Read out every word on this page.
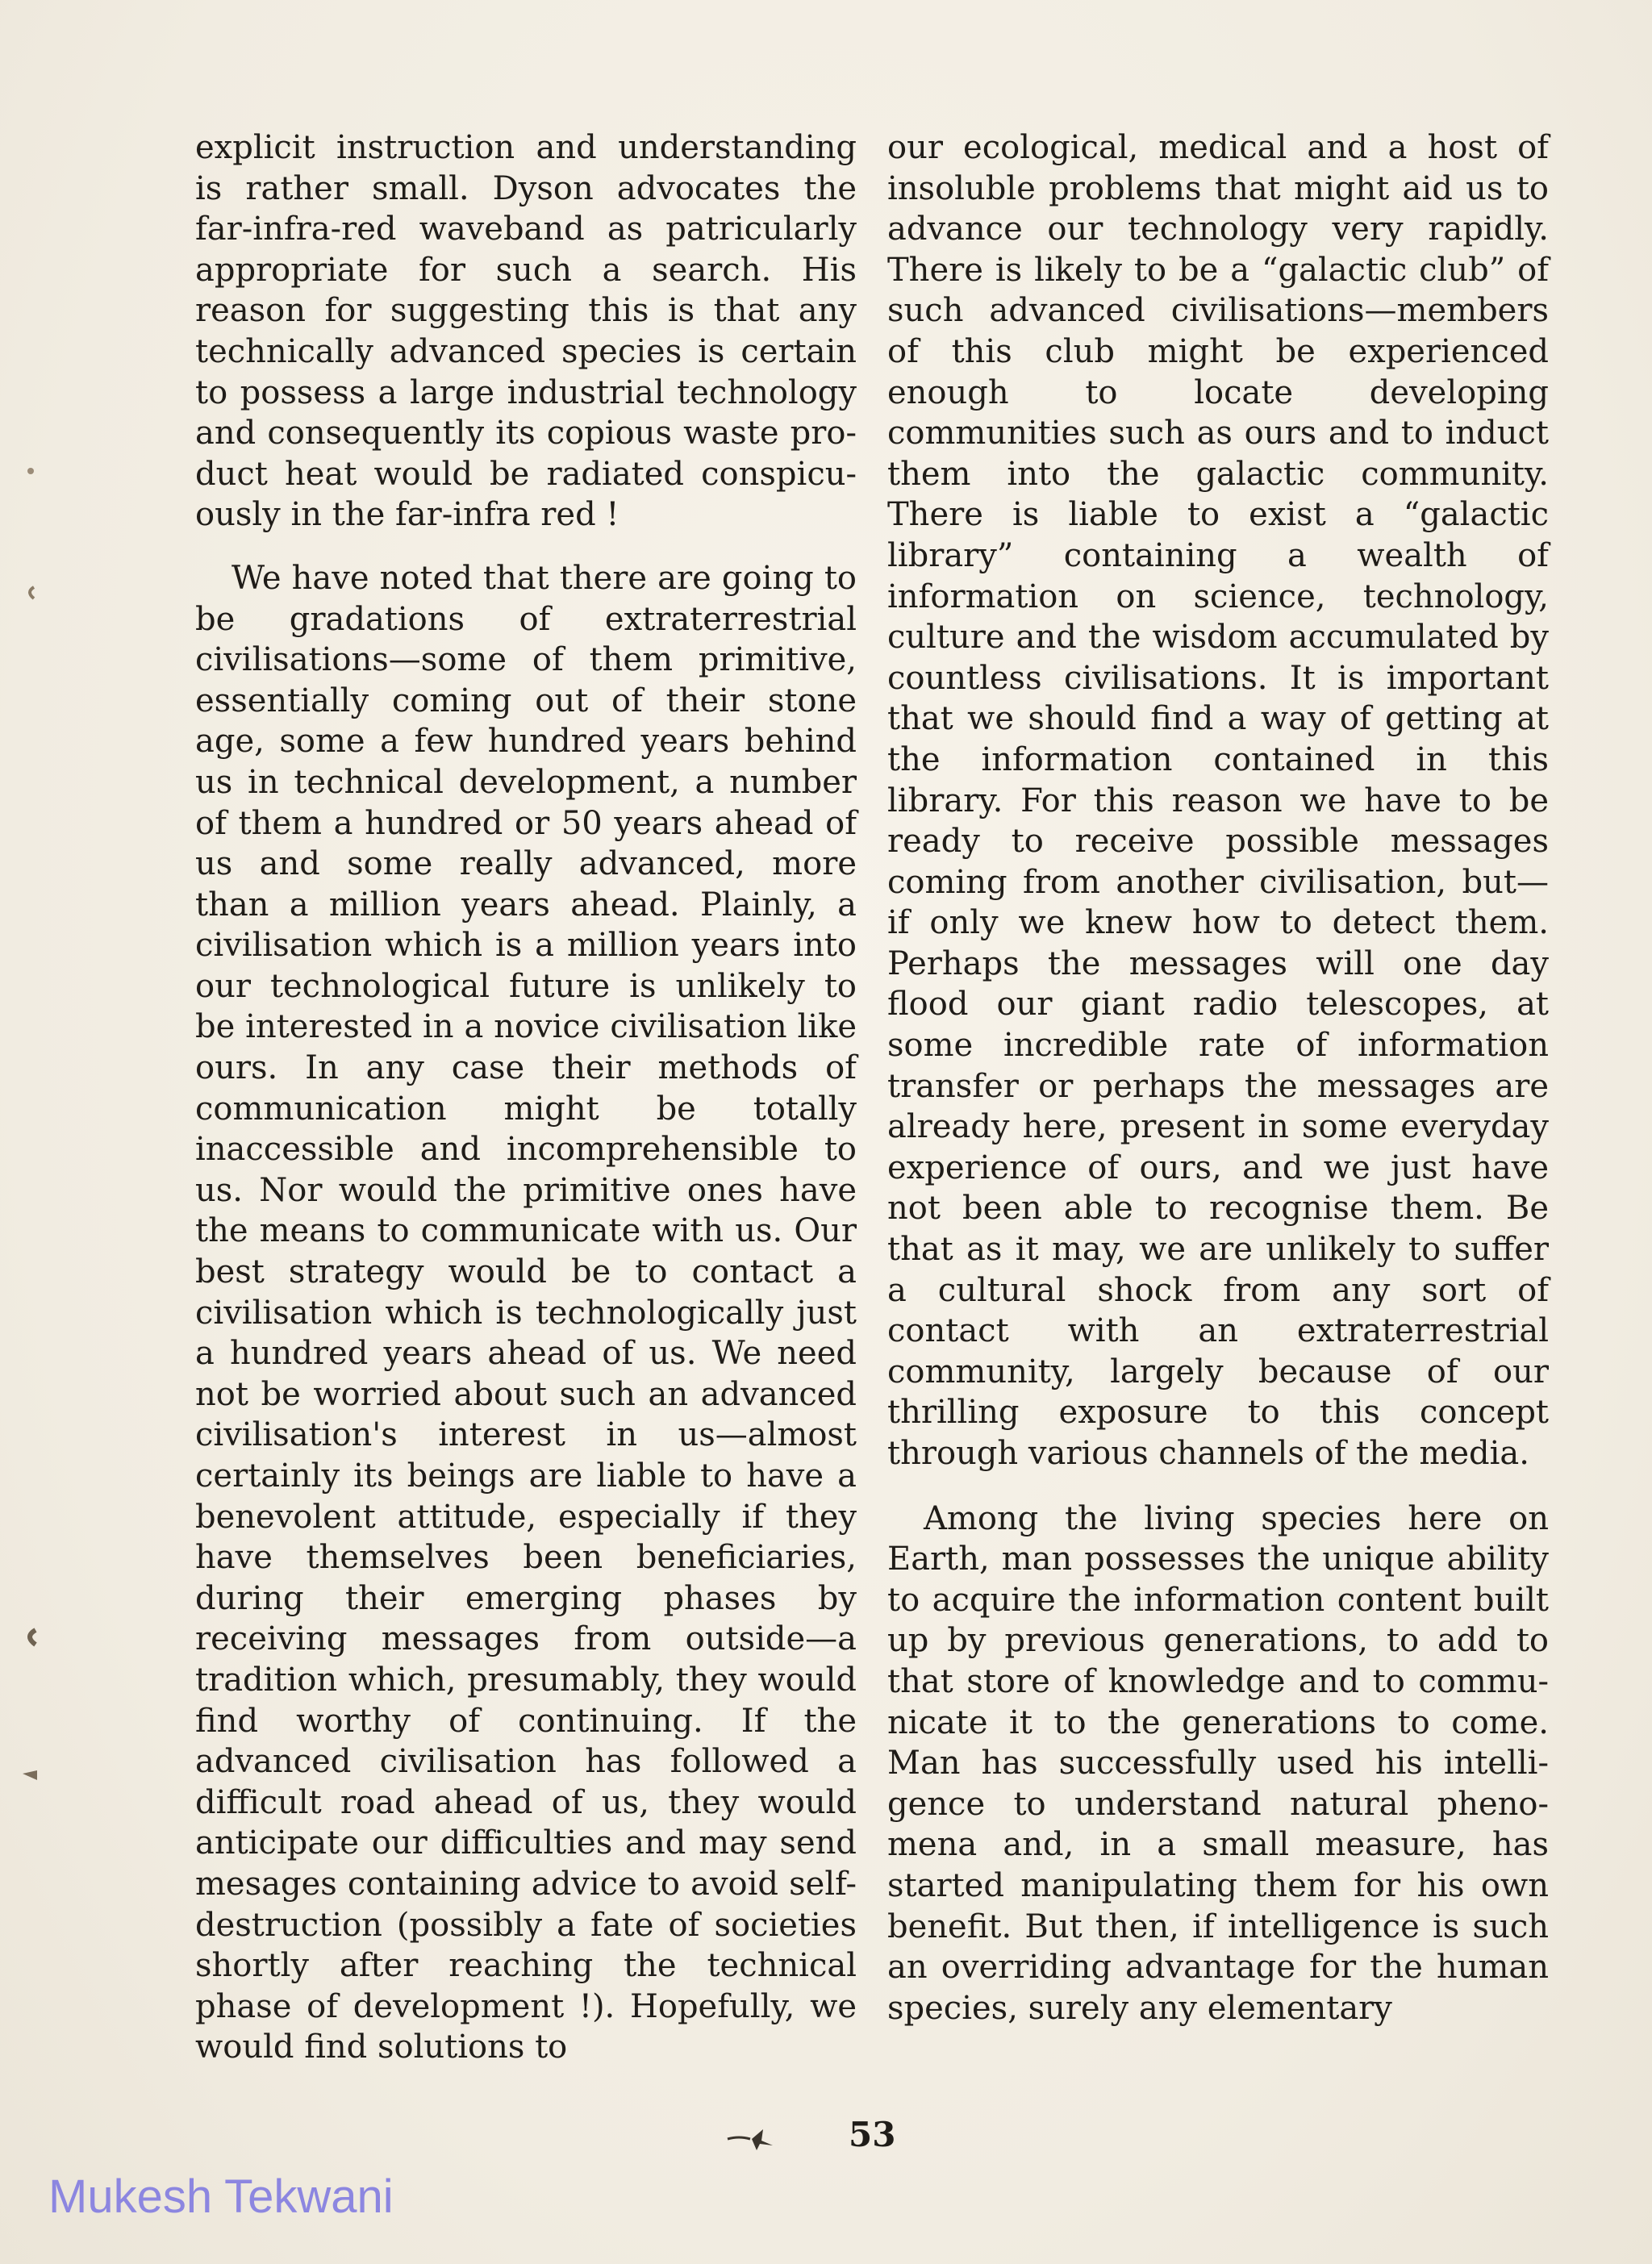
explicit instruction and understanding is rather small. Dyson advocates the far-infra-red waveband as patricularly appropriate for such a search. His reason for suggesting this is that any technically advanced species is certain to possess a large industrial technology and consequently its copious waste product heat would be radiated conspicuously in the far-infra red !

We have noted that there are going to be gradations of extraterrestrial civilisations—some of them primitive, essentially coming out of their stone age, some a few hundred years behind us in technical development, a number of them a hundred or 50 years ahead of us and some really advanced, more than a million years ahead. Plainly, a civilisation which is a million years into our technological future is unlikely to be interested in a novice civilisation like ours. In any case their methods of communication might be totally inaccessible and incomprehensible to us. Nor would the primitive ones have the means to communicate with us. Our best strategy would be to contact a civilisation which is technologically just a hundred years ahead of us. We need not be worried about such an advanced civilisation's interest in us—almost certainly its beings are liable to have a benevolent attitude, especially if they have themselves been beneficiaries, during their emerging phases by receiving messages from outside—a tradition which, presumably, they would find worthy of continuing. If the advanced civilisation has followed a difficult road ahead of us, they would anticipate our difficulties and may send mesages containing advice to avoid self-destruction (possibly a fate of societies shortly after reaching the technical phase of development !). Hopefully, we would find solutions to

our ecological, medical and a host of insoluble problems that might aid us to advance our technology very rapidly. There is likely to be a “galactic club” of such advanced civilisations—members of this club might be experienced enough to locate developing communities such as ours and to induct them into the galactic community. There is liable to exist a “galactic library” containing a wealth of information on science, technology, culture and the wisdom accumulated by countless civilisations. It is important that we should find a way of getting at the information contained in this library. For this reason we have to be ready to receive possible messages coming from another civilisation, but—if only we knew how to detect them. Perhaps the messages will one day flood our giant radio telescopes, at some incredible rate of information transfer or perhaps the messages are already here, present in some everyday experience of ours, and we just have not been able to recognise them. Be that as it may, we are unlikely to suffer a cultural shock from any sort of contact with an extraterrestrial community, largely because of our thrilling exposure to this concept through various channels of the media.

Among the living species here on Earth, man possesses the unique ability to acquire the information content built up by previous generations, to add to that store of knowledge and to communicate it to the generations to come. Man has successfully used his intelligence to understand natural phenomena and, in a small measure, has started manipulating them for his own benefit. But then, if intelligence is such an overriding advantage for the human species, surely any elementary

53
Mukesh Tekwani
